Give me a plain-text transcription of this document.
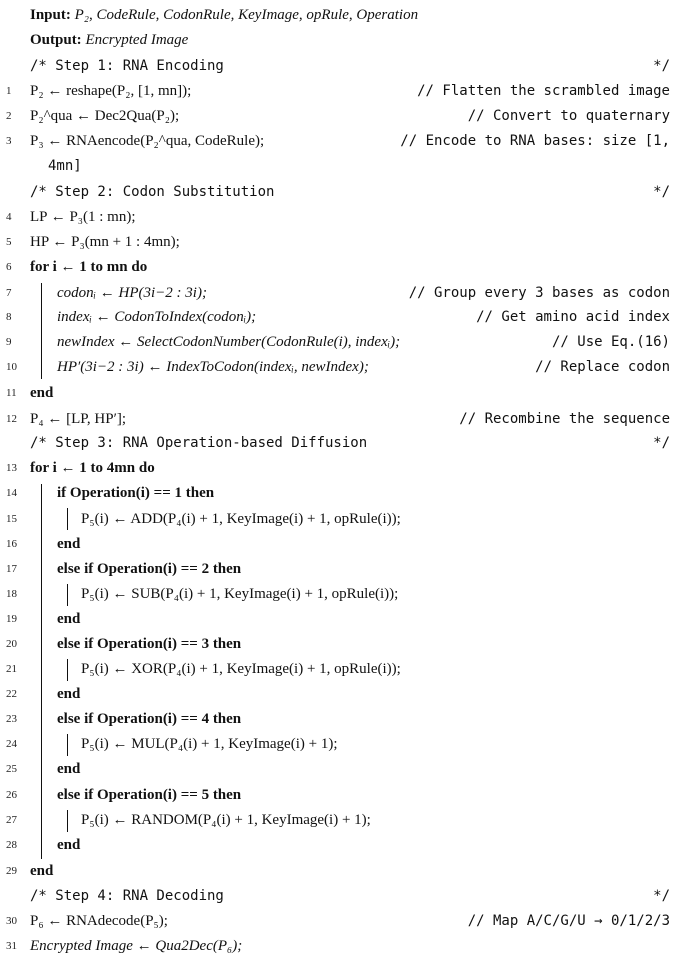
Input: P₂, CodeRule, CodonRule, KeyImage, opRule, Operation
Output: Encrypted Image
/* Step 1: RNA Encoding	*/
1	P₂ ← reshape(P₂, [1, mn]);	// Flatten the scrambled image
2	P₂^qua ← Dec2Qua(P₂);	// Convert to quaternary
3	P₃ ← RNAencode(P₂^qua, CodeRule);	// Encode to RNA bases: size [1,
4mn]
/* Step 2: Codon Substitution	*/
4	LP ← P₃(1 : mn);
5	HP ← P₃(mn + 1 : 4mn);
6	for i ← 1 to mn do
7	codonᵢ ← HP(3i−2 : 3i);	// Group every 3 bases as codon
8	indexᵢ ← CodonToIndex(codonᵢ);	// Get amino acid index
9	newIndex ← SelectCodonNumber(CodonRule(i), indexᵢ);	// Use Eq.(16)
10	HP′(3i−2 : 3i) ← IndexToCodon(indexᵢ, newIndex);	// Replace codon
11 end
12 P₄ ← [LP, HP′];	// Recombine the sequence
/* Step 3: RNA Operation-based Diffusion	*/
13 for i ← 1 to 4mn do
14	if Operation(i) == 1 then
15	P₅(i) ← ADD(P₄(i) + 1, KeyImage(i) + 1, opRule(i));
16	end
17	else if Operation(i) == 2 then
18	P₅(i) ← SUB(P₄(i) + 1, KeyImage(i) + 1, opRule(i));
19	end
20	else if Operation(i) == 3 then
21	P₅(i) ← XOR(P₄(i) + 1, KeyImage(i) + 1, opRule(i));
22	end
23	else if Operation(i) == 4 then
24	P₅(i) ← MUL(P₄(i) + 1, KeyImage(i) + 1);
25	end
26	else if Operation(i) == 5 then
27	P₅(i) ← RANDOM(P₄(i) + 1, KeyImage(i) + 1);
28	end
29 end
/* Step 4: RNA Decoding	*/
30 P₆ ← RNAdecode(P₅);	// Map A/C/G/U → 0/1/2/3
31 Encrypted Image ← Qua2Dec(P₆);
